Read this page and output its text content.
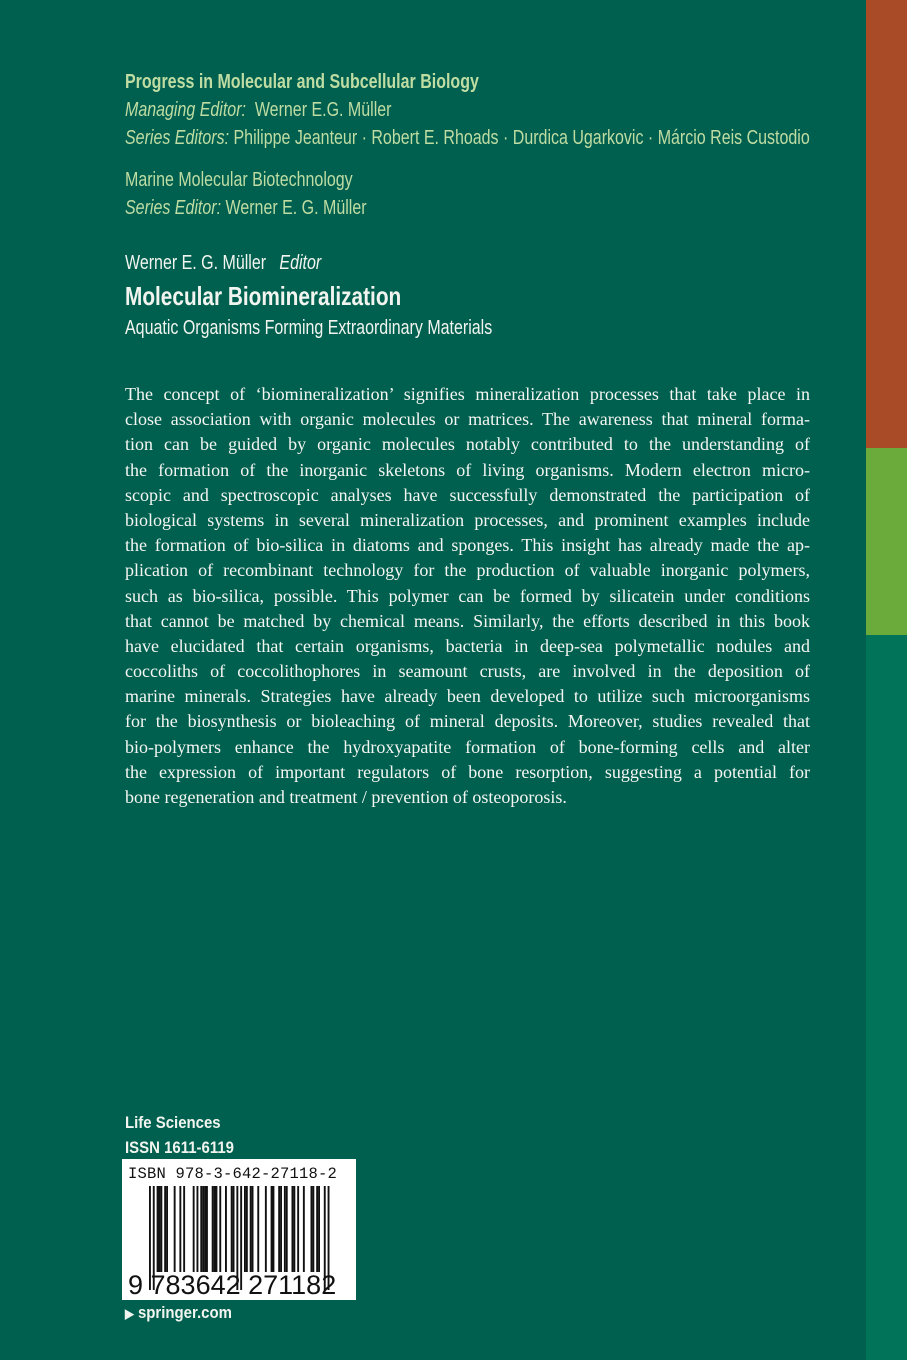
Progress in Molecular and Subcellular Biology
Managing Editor: Werner E.G. Müller
Series Editors: Philippe Jeanteur · Robert E. Rhoads · Durdica Ugarkovic · Márcio Reis Custodio
Marine Molecular Biotechnology
Series Editor: Werner E. G. Müller
Werner E. G. Müller Editor
Molecular Biomineralization
Aquatic Organisms Forming Extraordinary Materials
The concept of ‘biomineralization’ signifies mineralization processes that take place in
close association with organic molecules or matrices. The awareness that mineral forma-
tion can be guided by organic molecules notably contributed to the understanding of
the formation of the inorganic skeletons of living organisms. Modern electron micro-
scopic and spectroscopic analyses have successfully demonstrated the participation of
biological systems in several mineralization processes, and prominent examples include
the formation of bio-silica in diatoms and sponges. This insight has already made the ap-
plication of recombinant technology for the production of valuable inorganic polymers,
such as bio-silica, possible. This polymer can be formed by silicatein under conditions
that cannot be matched by chemical means. Similarly, the efforts described in this book
have elucidated that certain organisms, bacteria in deep-sea polymetallic nodules and
coccoliths of coccolithophores in seamount crusts, are involved in the deposition of
marine minerals. Strategies have already been developed to utilize such microorganisms
for the biosynthesis or bioleaching of mineral deposits. Moreover, studies revealed that
bio-polymers enhance the hydroxyapatite formation of bone-forming cells and alter
the expression of important regulators of bone resorption, suggesting a potential for
bone regeneration and treatment / prevention of osteoporosis.
Life Sciences
ISSN 1611-6119
ISBN 978-3-642-27118-2
9 783642 271182
▶ springer.com
